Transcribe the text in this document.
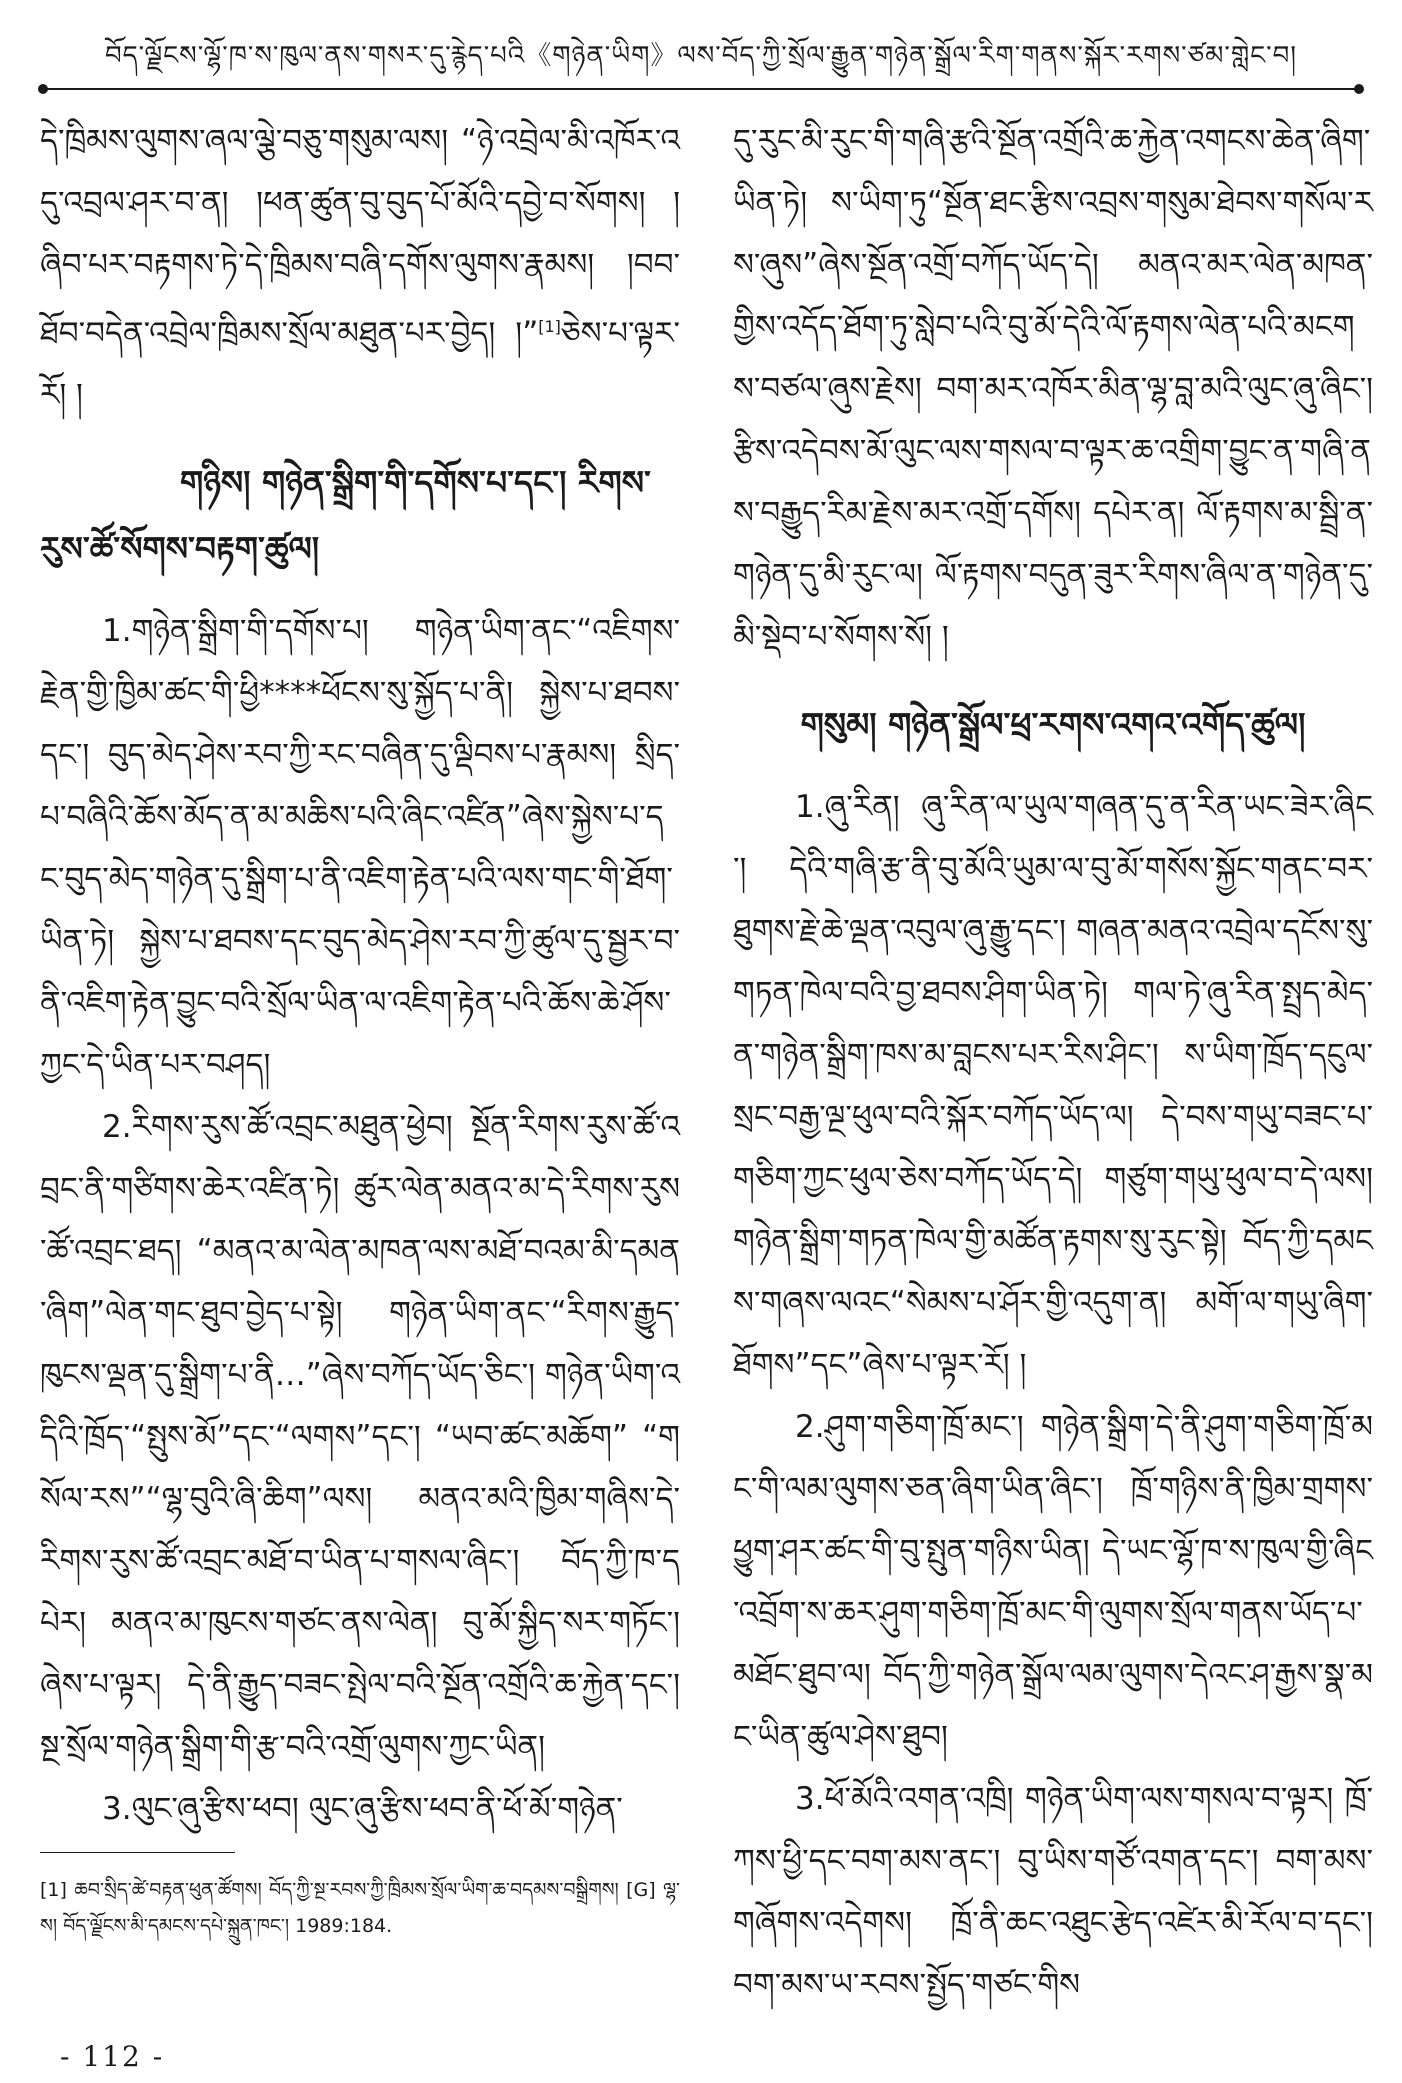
བོད་ལྗོངས་ལྷོ་ཁ་ས་ཁུལ་ནས་གསར་དུ་རྙེད་པའི《གཉེན་ཡིག》ལས་བོད་ཀྱི་སྲོལ་རྒྱུན་གཉེན་སྒྲོལ་རིག་གནས་སྐོར་རགས་ཙམ་གླེང་བ།

དེ་ཁྲིམས་ལུགས་ཞལ་ལྕེ་བཅུ་གསུམ་ལས། “ཉེ་འབྲེལ་མི་འཁོར་འདུ་འབྲལ་ཤར་བ་ན། །ཕན་ཚུན་བུ་བུད་པོ་མོའི་དབྱེ་བ་སོགས། །ཞིབ་པར་བརྟགས་ཏེ་དེ་ཁྲིམས་བཞི་དགོས་ལུགས་རྣམས། །བབ་ཐོབ་བདེན་འབྲེལ་ཁྲིམས་སྲོལ་མཐུན་པར་བྱེད། །”[1]ཅེས་པ་ལྟར་རོ། །

གཉིས། གཉེན་སྒྲིག་གི་དགོས་པ་དང་། རིགས་རུས་ཚོ་སོགས་བརྟག་ཚུལ།

1.གཉེན་སྒྲིག་གི་དགོས་པ། གཉེན་ཡིག་ནང་“འཇིགས་རྗེན་གྱི་ཁྱིམ་ཚང་གི་ཕྱི****ཕོངས་སུ་སྐྱོད་པ་ནི། སྐྱེས་པ་ཐབས་དང་། བུད་མེད་ཤེས་རབ་ཀྱི་རང་བཞིན་དུ་ལྡིབས་པ་རྣམས། སྲིད་པ་བཞིའི་ཆོས་མོད་ན་མ་མཆིས་པའི་ཞིང་འཛིན”ཞེས་སྐྱེས་པ་དང་བུད་མེད་གཉེན་དུ་སྒྲིག་པ་ནི་འཇིག་རྟེན་པའི་ལས་གང་གི་ཐོག་ཡིན་ཏེ། སྐྱེས་པ་ཐབས་དང་བུད་མེད་ཤེས་རབ་ཀྱི་ཚུལ་དུ་སྦྱར་བ་ནི་འཇིག་རྟེན་བྱུང་བའི་སྲོལ་ཡིན་ལ་འཇིག་རྟེན་པའི་ཆོས་ཆེ་ཤོས་ཀྱང་དེ་ཡིན་པར་བཤད།

2.རིགས་རུས་ཚོ་འབྲང་མཐུན་ཕྱེབ། སྔོན་རིགས་རུས་ཚོ་འབྲང་ནི་གཙིགས་ཆེར་འཛིན་ཏེ། ཚུར་ལེན་མནའ་མ་དེ་རིགས་རུས་ཚོ་འབྲང་ཐད། “མནའ་མ་ལེན་མཁན་ལས་མཐོ་བའམ་མི་དམན་ཞིག”ལེན་གང་ཐུབ་བྱེད་པ་སྟེ། གཉེན་ཡིག་ནང་“རིགས་རྒྱུད་ཁུངས་ལྡན་དུ་སྒྲིག་པ་ནི…”ཞེས་བཀོད་ཡོད་ཅིང་། གཉེན་ཡིག་འདིའི་ཁྲོད་“སྤུས་མོ”དང་“ལགས”དང་། “ཡབ་ཚང་མཆོག” “གསོལ་རས”“ལྷ་བུའི་ཞི་ཆིག”ལས། མནའ་མའི་ཁྱིམ་གཞིས་དེ་རིགས་རུས་ཚོ་འབྲང་མཐོ་བ་ཡིན་པ་གསལ་ཞིང་། བོད་ཀྱི་ཁ་དཔེར། མནའ་མ་ཁུངས་གཙང་ནས་ལེན། བུ་མོ་སྐྱིད་སར་གཏོང་། ཞེས་པ་ལྟར། དེ་ནི་རྒྱུད་བཟང་སྤེལ་བའི་སྔོན་འགྲོའི་ཆ་རྐྱེན་དང་། སྔ་སྲོལ་གཉེན་སྒྲིག་གི་རྩ་བའི་འགྲོ་ལུགས་ཀྱང་ཡིན།

3.ལུང་ཞུ་རྩིས་ཕབ། ལུང་ཞུ་རྩིས་ཕབ་ནི་ཕོ་མོ་གཉེན་

དུ་རུང་མི་རུང་གི་གཞི་རྩའི་སྔོན་འགྲོའི་ཆ་རྐྱེན་འགངས་ཆེན་ཞིག་ཡིན་ཏེ། ས་ཡིག་ཏུ“སྔོན་ཐང་རྩིས་འབྲས་གསུམ་ཐེབས་གསོལ་རས་ཞུས”ཞེས་སྔོན་འགྲོ་བཀོད་ཡོད་དེ། མནའ་མར་ལེན་མཁན་གྱིས་འདོད་ཐོག་ཏུ་སླེབ་པའི་བུ་མོ་དེའི་ལོ་རྟགས་ལེན་པའི་མངགས་བཙལ་ཞུས་རྗེས། བག་མར་འཁོར་མིན་ལྷ་བླ་མའི་ལུང་ཞུ་ཞིང་། རྩིས་འདེབས་མོ་ལུང་ལས་གསལ་བ་ལྟར་ཆ་འགྲིག་བྱུང་ན་གཞི་ནས་བརྒྱུད་རིམ་རྗེས་མར་འགྲོ་དགོས། དཔེར་ན། ལོ་རྟགས་མ་སྦྲི་ན་གཉེན་དུ་མི་རུང་ལ། ལོ་རྟགས་བདུན་ཟུར་རིགས་ཞིལ་ན་གཉེན་དུ་མི་སྡེབ་པ་སོགས་སོ། །

གསུམ། གཉེན་སྒྲོལ་ཕྲ་རགས་འགའ་འགོད་ཚུལ།

1.ཞུ་རིན། ཞུ་རིན་ལ་ཡུལ་གཞན་དུ་ན་རིན་ཡང་ཟེར་ཞིང་། དེའི་གཞི་རྩ་ནི་བུ་མོའི་ཡུམ་ལ་བུ་མོ་གསོས་སྐྱོང་གནང་བར་ཐུགས་རྗེ་ཆེ་ལྡན་འབུལ་ཞུ་རྒྱུ་དང་། གཞན་མནའ་འབྲེལ་དངོས་སུ་གཏན་ཁེལ་བའི་བྱ་ཐབས་ཤིག་ཡིན་ཏེ། གལ་ཏེ་ཞུ་རིན་སྤྲད་མེད་ན་གཉེན་སྒྲིག་ཁས་མ་བླངས་པར་རིས་ཤིང་། ས་ཡིག་ཁྲོད་དངུལ་སྲང་བརྒྱ་ལྔ་ཕུལ་བའི་སྐོར་བཀོད་ཡོད་ལ། དེ་བས་གཡུ་བཟང་པ་གཅིག་ཀྱང་ཕུལ་ཅེས་བཀོད་ཡོད་དེ། གཙུག་གཡུ་ཕུལ་བ་དེ་ལས། གཉེན་སྒྲིག་གཏན་ཁེལ་གྱི་མཚོན་རྟགས་སུ་རུང་སྟེ། བོད་ཀྱི་དམངས་གཞས་ལའང“སེམས་པ་ཤོར་གྱི་འདུག་ན། མགོ་ལ་གཡུ་ཞིག་ཐོགས”དང”ཞེས་པ་ལྟར་རོ། །

2.ཤུག་གཅིག་ཁྲོ་མང་། གཉེན་སྒྲིག་དེ་ནི་ཤུག་གཅིག་ཁྲོ་མང་གི་ལམ་ལུགས་ཅན་ཞིག་ཡིན་ཞིང་། ཁྲོ་གཉིས་ནི་ཁྱིམ་གྲགས་ཕྱུག་ཤར་ཚང་གི་བུ་སྤུན་གཉིས་ཡིན། དེ་ཡང་ལྷོ་ཁ་ས་ཁུལ་གྱི་ཞིང་འབྲོག་ས་ཆར་ཤུག་གཅིག་ཁྲོ་མང་གི་ལུགས་སྲོལ་གནས་ཡོད་པ་མཐོང་ཐུབ་ལ། བོད་ཀྱི་གཉེན་སྒྲོལ་ལམ་ལུགས་དེའང་ཤ་རྒྱས་སྣ་མང་ཡིན་ཚུལ་ཤེས་ཐུབ།

3.ཕོ་མོའི་འགན་འཁྲི། གཉེན་ཡིག་ལས་གསལ་བ་ལྟར། ཁྲོ་ཀས་ཕྱི་དང་བག་མས་ནང་། བུ་ཡིས་གཙོ་འགན་དང་། བག་མས་གཞོགས་འདེགས། ཁྲོ་ནི་ཆང་འཐུང་རྩེད་འཛེར་མི་རོལ་བ་དང་། བག་མས་ཡ་རབས་སྤྱོད་གཙང་གིས

[1] ཆབ་སྲིད་ཚེ་བརྟན་ཕུན་ཚོགས། བོད་ཀྱི་སྔ་རབས་ཀྱི་ཁྲིམས་སྲོལ་ཡིག་ཆ་བདམས་བསྒྲིགས། [G] ལྷ་ས། བོད་ལྗོངས་མི་དམངས་དཔེ་སྐྲུན་ཁང་། 1989:184.
- 112 -
